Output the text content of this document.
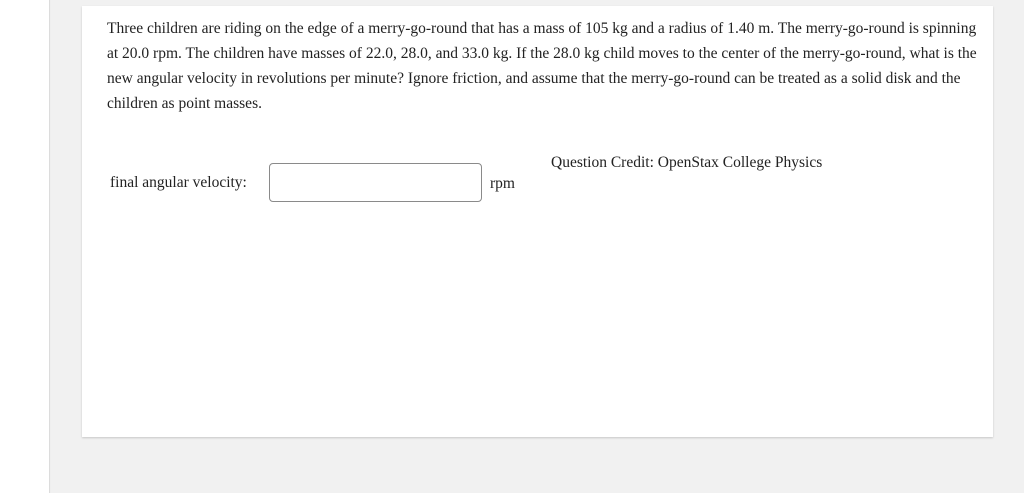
Three children are riding on the edge of a merry-go-round that has a mass of 105 kg and a radius of 1.40 m. The merry-go-round is spinning at 20.0 rpm. The children have masses of 22.0, 28.0, and 33.0 kg. If the 28.0 kg child moves to the center of the merry-go-round, what is the new angular velocity in revolutions per minute? Ignore friction, and assume that the merry-go-round can be treated as a solid disk and the children as point masses.

final angular velocity:	rpm
Question Credit: OpenStax College Physics
